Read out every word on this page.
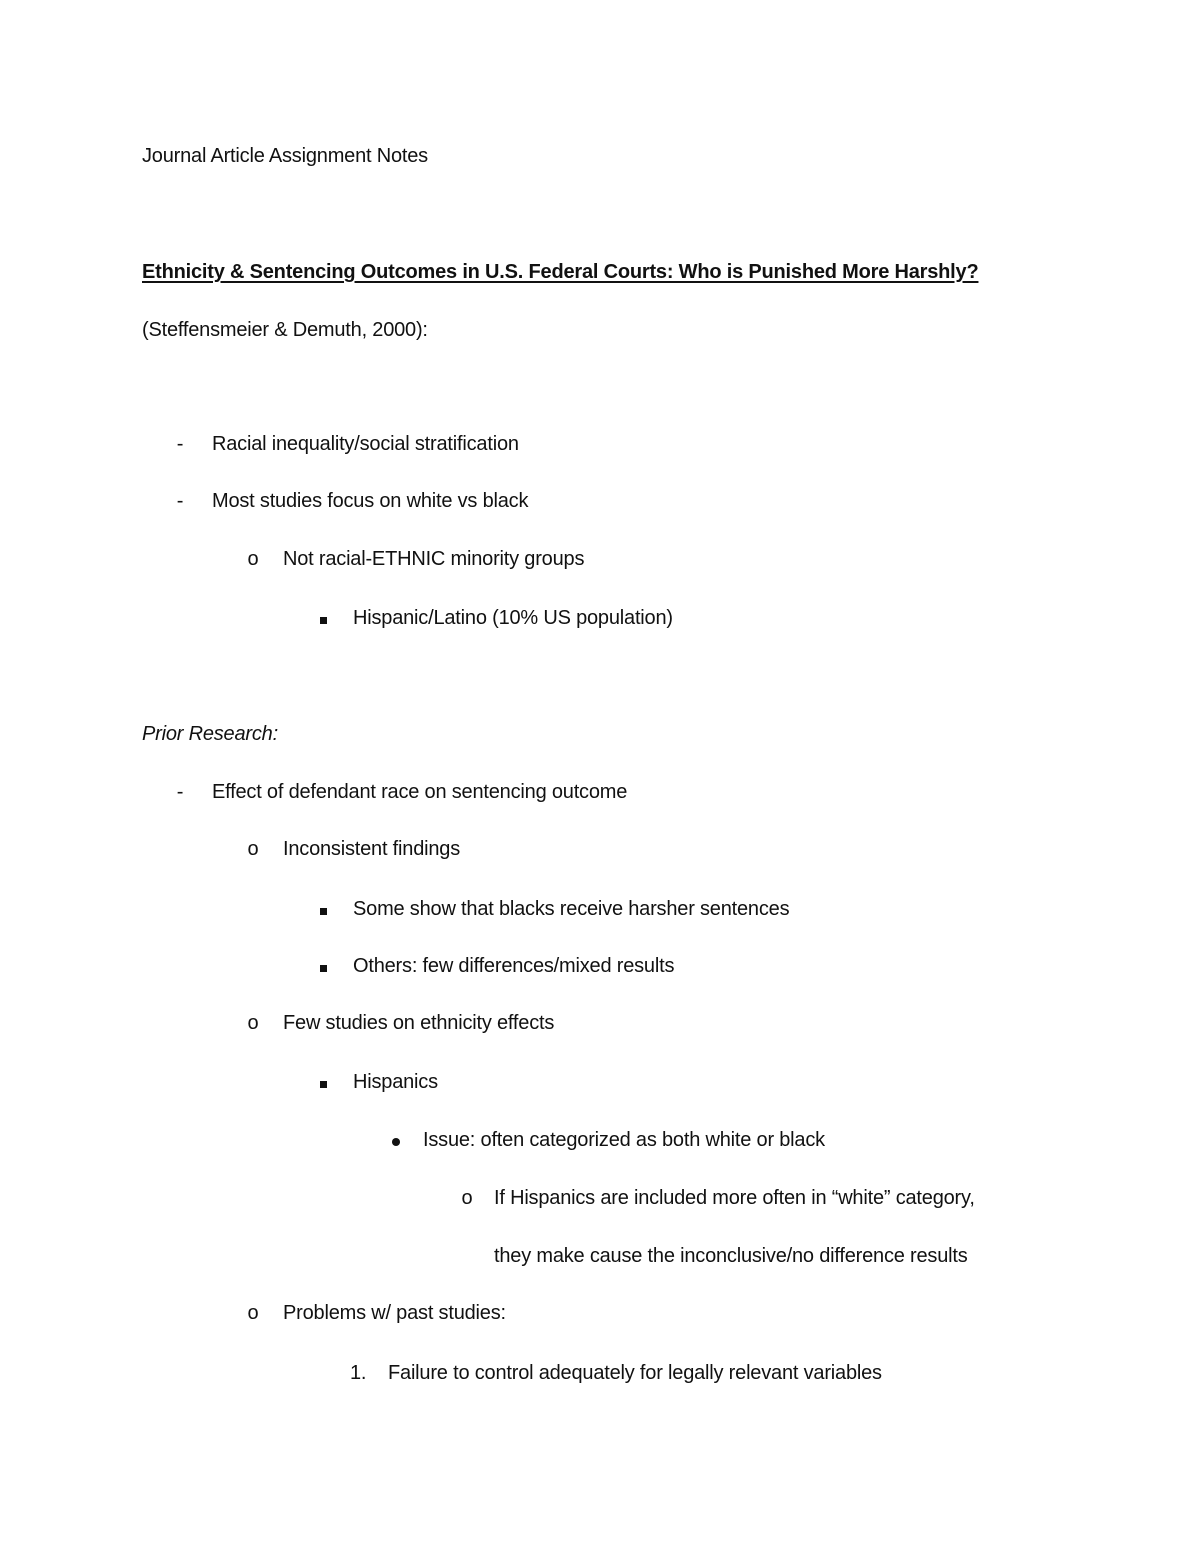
Journal Article Assignment Notes
Ethnicity & Sentencing Outcomes in U.S. Federal Courts: Who is Punished More Harshly?
(Steffensmeier & Demuth, 2000):
-	Racial inequality/social stratification
-	Most studies focus on white vs black
o Not racial-ETHNIC minority groups
Hispanic/Latino (10% US population)
Prior Research:
-	Effect of defendant race on sentencing outcome
o Inconsistent findings
Some show that blacks receive harsher sentences
Others: few differences/mixed results
o Few studies on ethnicity effects
Hispanics
Issue: often categorized as both white or black
o If Hispanics are included more often in “white” category,
they make cause the inconclusive/no difference results
o Problems w/ past studies:
1.	Failure to control adequately for legally relevant variables
